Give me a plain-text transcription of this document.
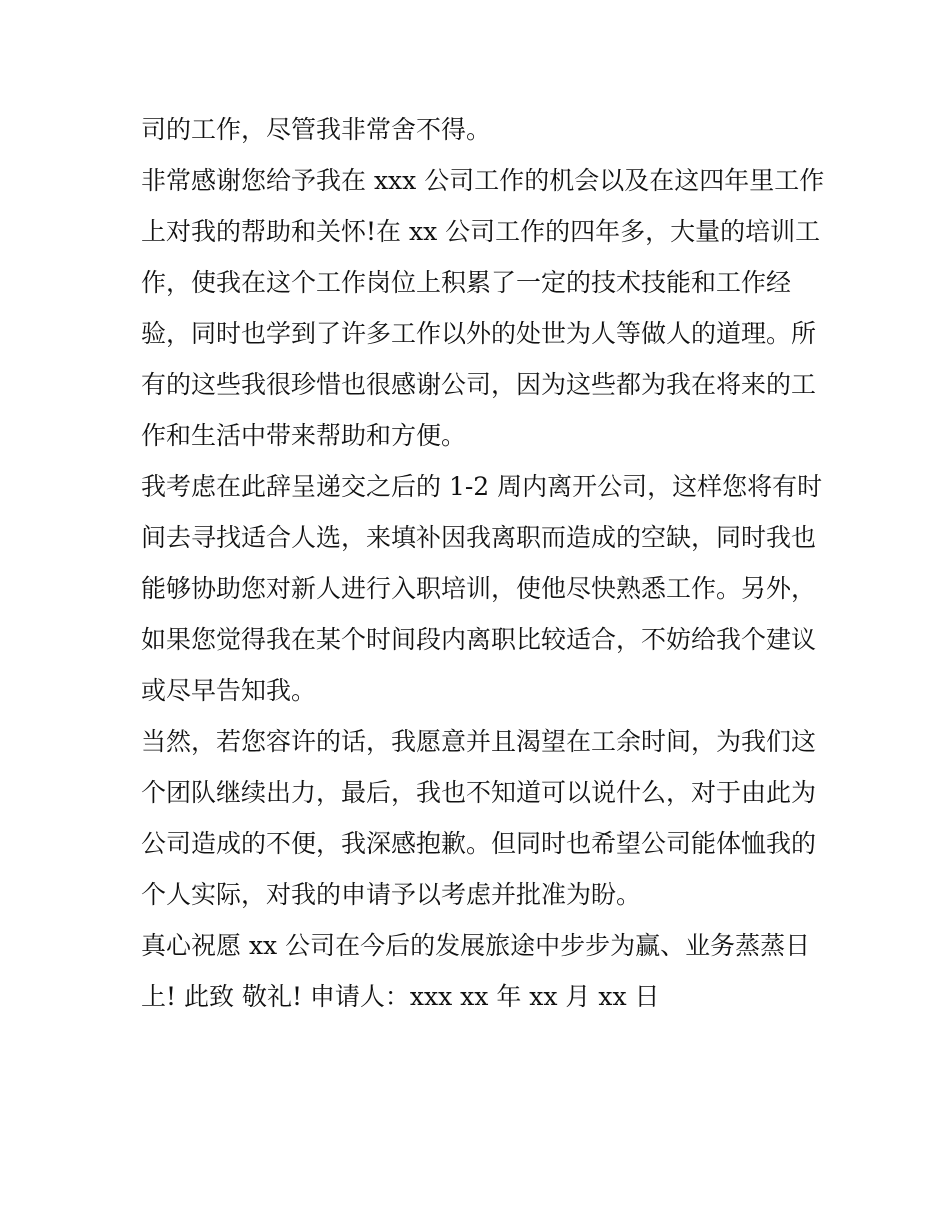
司的工作，尽管我非常舍不得。
非常感谢您给予我在 xxx 公司工作的机会以及在这四年里工作
上对我的帮助和关怀!在 xx 公司工作的四年多，大量的培训工
作，使我在这个工作岗位上积累了一定的技术技能和工作经
验，同时也学到了许多工作以外的处世为人等做人的道理。所
有的这些我很珍惜也很感谢公司，因为这些都为我在将来的工
作和生活中带来帮助和方便。
我考虑在此辞呈递交之后的 1-2 周内离开公司，这样您将有时
间去寻找适合人选，来填补因我离职而造成的空缺，同时我也
能够协助您对新人进行入职培训，使他尽快熟悉工作。另外，
如果您觉得我在某个时间段内离职比较适合，不妨给我个建议
或尽早告知我。
当然，若您容许的话，我愿意并且渴望在工余时间，为我们这
个团队继续出力，最后，我也不知道可以说什么，对于由此为
公司造成的不便，我深感抱歉。但同时也希望公司能体恤我的
个人实际，对我的申请予以考虑并批准为盼。
真心祝愿 xx 公司在今后的发展旅途中步步为赢、业务蒸蒸日
上! 此致 敬礼! 申请人：xxx xx 年 xx 月 xx 日
